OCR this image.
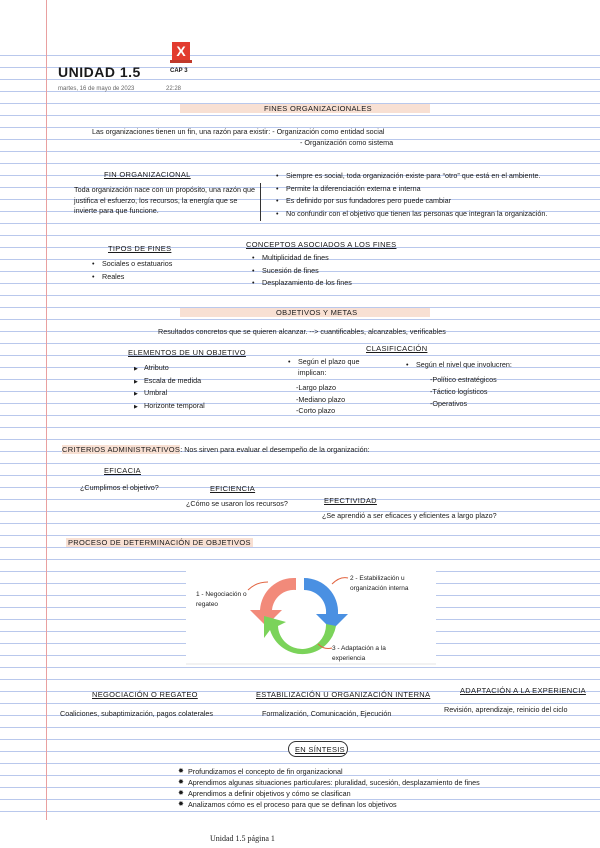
X
CAP 3
UNIDAD 1.5
martes, 16 de mayo de 2023	22:28
FINES ORGANIZACIONALES
Las organizaciones tienen un fin, una razón para existir: - Organización como entidad social
- Organización como sistema
FIN ORGANIZACIONAL
Toda organización nace con un propósito, una razón que justifica el esfuerzo, los recursos, la energía que se invierte para que funcione.
• Siempre es social, toda organización existe para “otro” que está en el ambiente.
• Permite la diferenciación externa e interna
• Es definido por sus fundadores pero puede cambiar
• No confundir con el objetivo que tienen las personas que integran la organización.
TIPOS DE FINES
• Sociales o estatuarios
• Reales
CONCEPTOS ASOCIADOS A LOS FINES
• Multiplicidad de fines
• Sucesión de fines
• Desplazamiento de los fines
OBJETIVOS Y METAS
Resultados concretos que se quieren alcanzar. --> cuantificables, alcanzables, verificables
ELEMENTOS DE UN OBJETIVO
▶ Atributo
▶ Escala de medida
▶ Umbral
▶ Horizonte temporal
CLASIFICACIÓN
• Según el plazo que implican:
-Largo plazo
-Mediano plazo
-Corto plazo
• Según el nivel que involucren:
-Político estratégicos
-Táctico logísticos
-Operativos
CRITERIOS ADMINISTRATIVOS: Nos sirven para evaluar el desempeño de la organización:
EFICACIA
¿Cumplimos el objetivo?	EFICIENCIA
¿Cómo se usaron los recursos?	EFECTIVIDAD
¿Se aprendió a ser eficaces y eficientes a largo plazo?
PROCESO DE DETERMINACIÓN DE OBJETIVOS
1 - Negociación o regateo
2 - Estabilización u organización interna
3 - Adaptación a la experiencia
NEGOCIACIÓN O REGATEO
Coaliciones, subaptimización, pagos colaterales
ESTABILIZACIÓN U ORGANIZACIÓN INTERNA
Formalización, Comunicación, Ejecución
ADAPTACIÓN A LA EXPERIENCIA
Revisión, aprendizaje, reinicio del ciclo
EN SÍNTESIS
✸ Profundizamos el concepto de fin organizacional
✸ Aprendimos algunas situaciones particulares: pluralidad, sucesión, desplazamiento de fines
✸ Aprendimos a definir objetivos y cómo se clasifican
✸ Analizamos cómo es el proceso para que se definan los objetivos
Unidad 1.5 página 1
